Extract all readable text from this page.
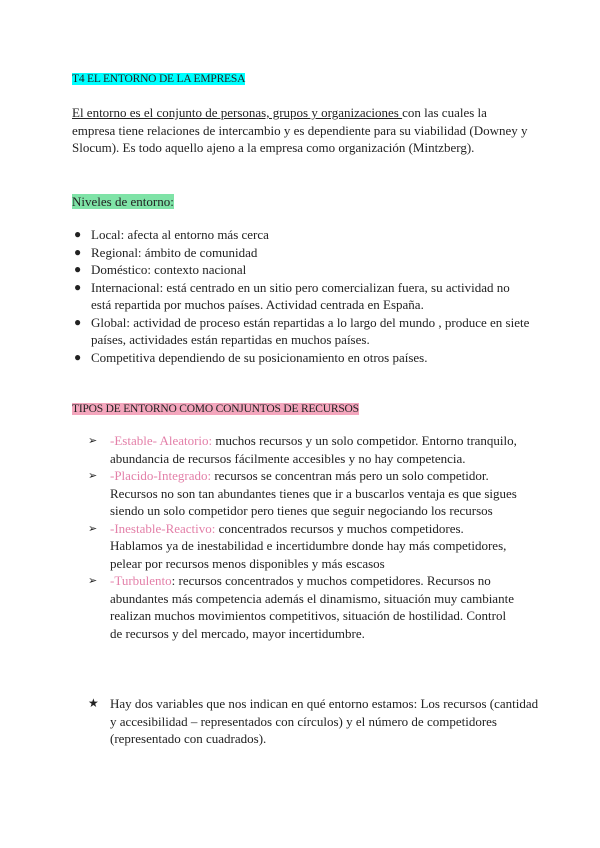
T4 EL ENTORNO DE LA EMPRESA
El entorno es el conjunto de personas, grupos y organizaciones con las cuales la empresa tiene relaciones de intercambio y es dependiente para su viabilidad (Downey y Slocum). Es todo aquello ajeno a la empresa como organización (Mintzberg).
Niveles de entorno:
● Local: afecta al entorno más cerca
● Regional: ámbito de comunidad
● Doméstico: contexto nacional
● Internacional: está centrado en un sitio pero comercializan fuera, su actividad no está repartida por muchos países. Actividad centrada en España.
● Global: actividad de proceso están repartidas a lo largo del mundo , produce en siete países, actividades están repartidas en muchos países.
● Competitiva dependiendo de su posicionamiento en otros países.
TIPOS DE ENTORNO COMO CONJUNTOS DE RECURSOS
➢ -Estable- Aleatorio: muchos recursos y un solo competidor. Entorno tranquilo, abundancia de recursos fácilmente accesibles y no hay competencia.
➢ -Placido-Integrado: recursos se concentran más pero un solo competidor. Recursos no son tan abundantes tienes que ir a buscarlos ventaja es que sigues siendo un solo competidor pero tienes que seguir negociando los recursos
➢ -Inestable-Reactivo: concentrados recursos y muchos competidores. Hablamos ya de inestabilidad e incertidumbre donde hay más competidores, pelear por recursos menos disponibles y más escasos
➢ -Turbulento: recursos concentrados y muchos competidores. Recursos no abundantes más competencia además el dinamismo, situación muy cambiante realizan muchos movimientos competitivos, situación de hostilidad. Control de recursos y del mercado, mayor incertidumbre.
★ Hay dos variables que nos indican en qué entorno estamos: Los recursos (cantidad y accesibilidad – representados con círculos) y el número de competidores (representado con cuadrados).
